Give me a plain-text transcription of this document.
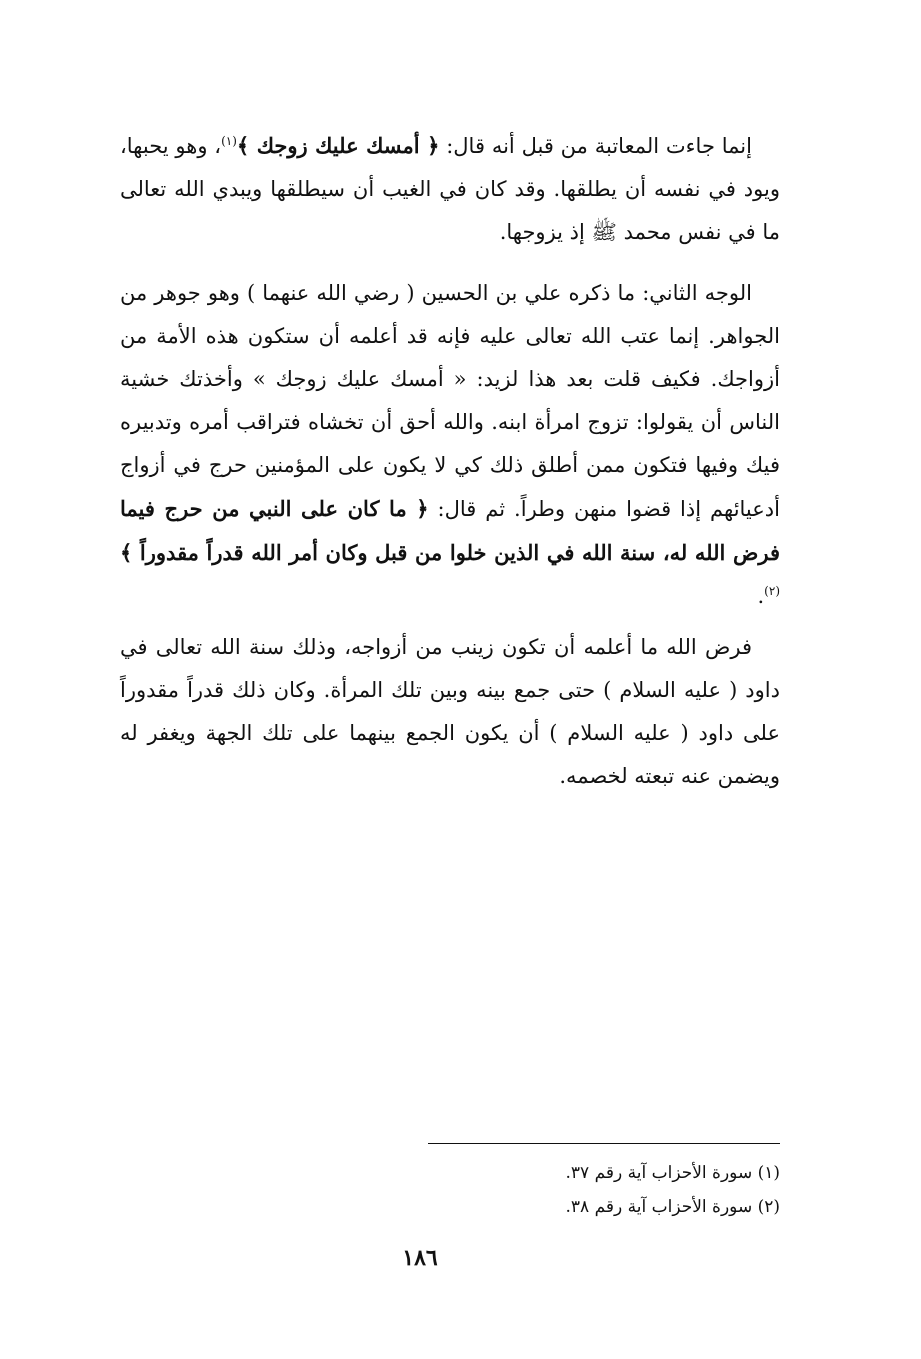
إنما جاءت المعاتبة من قبل أنه قال: ﴿ أمسك عليك زوجك ﴾$^{(١)}$، وهو يحبها، ويود في نفسه أن يطلقها. وقد كان في الغيب أن سيطلقها ويبدي الله تعالى ما في نفس محمد ﷺ إذ يزوجها.

الوجه الثاني: ما ذكره علي بن الحسين ( رضي الله عنهما ) وهو جوهر من الجواهر. إنما عتب الله تعالى عليه فإنه قد أعلمه أن ستكون هذه الأمة من أزواجك. فكيف قلت بعد هذا لزيد: « أمسك عليك زوجك » وأخذتك خشية الناس أن يقولوا: تزوج امرأة ابنه. والله أحق أن تخشاه فتراقب أمره وتدبيره فيك وفيها فتكون ممن أطلق ذلك كي لا يكون على المؤمنين حرج في أزواج أدعيائهم إذا قضوا منهن وطراً. ثم قال: ﴿ ما كان على النبي من حرج فيما فرض الله له، سنة الله في الذين خلوا من قبل وكان أمر الله قدراً مقدوراً ﴾$^{(٢)}$.

فرض الله ما أعلمه أن تكون زينب من أزواجه، وذلك سنة الله تعالى في داود ( عليه السلام ) حتى جمع بينه وبين تلك المرأة. وكان ذلك قدراً مقدوراً على داود ( عليه السلام ) أن يكون الجمع بينهما على تلك الجهة ويغفر له ويضمن عنه تبعته لخصمه.

(١) سورة الأحزاب آية رقم ٣٧.
(٢) سورة الأحزاب آية رقم ٣٨.
١٨٦
